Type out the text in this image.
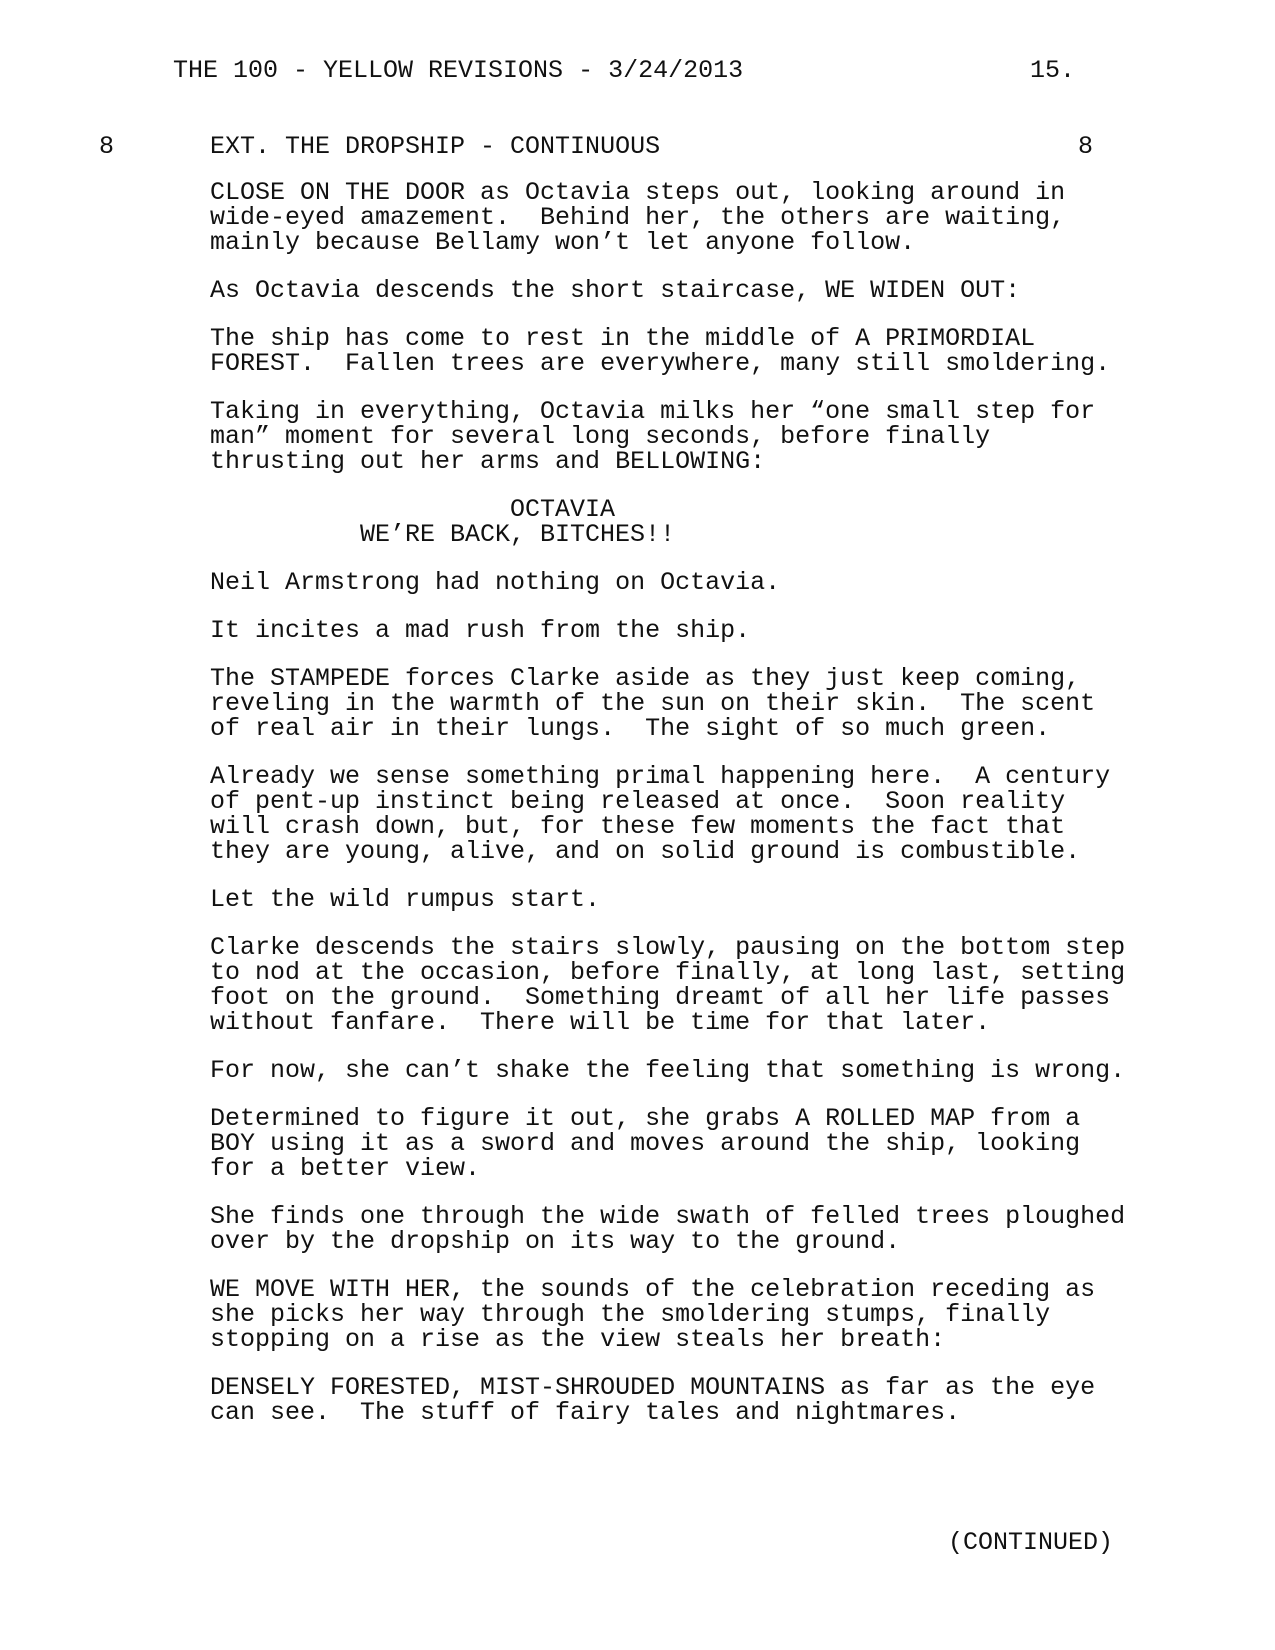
THE 100 - YELLOW REVISIONS - 3/24/2013	15.
8	EXT. THE DROPSHIP - CONTINUOUS	8

CLOSE ON THE DOOR as Octavia steps out, looking around in
wide-eyed amazement.  Behind her, the others are waiting,
mainly because Bellamy won’t let anyone follow.

As Octavia descends the short staircase, WE WIDEN OUT:

The ship has come to rest in the middle of A PRIMORDIAL
FOREST.  Fallen trees are everywhere, many still smoldering.

Taking in everything, Octavia milks her “one small step for
man” moment for several long seconds, before finally
thrusting out her arms and BELLOWING:

OCTAVIA

WE’RE BACK, BITCHES!!

Neil Armstrong had nothing on Octavia.

It incites a mad rush from the ship.

The STAMPEDE forces Clarke aside as they just keep coming,
reveling in the warmth of the sun on their skin.  The scent
of real air in their lungs.  The sight of so much green.

Already we sense something primal happening here.  A century
of pent-up instinct being released at once.  Soon reality
will crash down, but, for these few moments the fact that
they are young, alive, and on solid ground is combustible.

Let the wild rumpus start.

Clarke descends the stairs slowly, pausing on the bottom step
to nod at the occasion, before finally, at long last, setting
foot on the ground.  Something dreamt of all her life passes
without fanfare.  There will be time for that later.

For now, she can’t shake the feeling that something is wrong.

Determined to figure it out, she grabs A ROLLED MAP from a
BOY using it as a sword and moves around the ship, looking
for a better view.

She finds one through the wide swath of felled trees ploughed
over by the dropship on its way to the ground.

WE MOVE WITH HER, the sounds of the celebration receding as
she picks her way through the smoldering stumps, finally
stopping on a rise as the view steals her breath:

DENSELY FORESTED, MIST-SHROUDED MOUNTAINS as far as the eye
can see.  The stuff of fairy tales and nightmares.

(CONTINUED)
